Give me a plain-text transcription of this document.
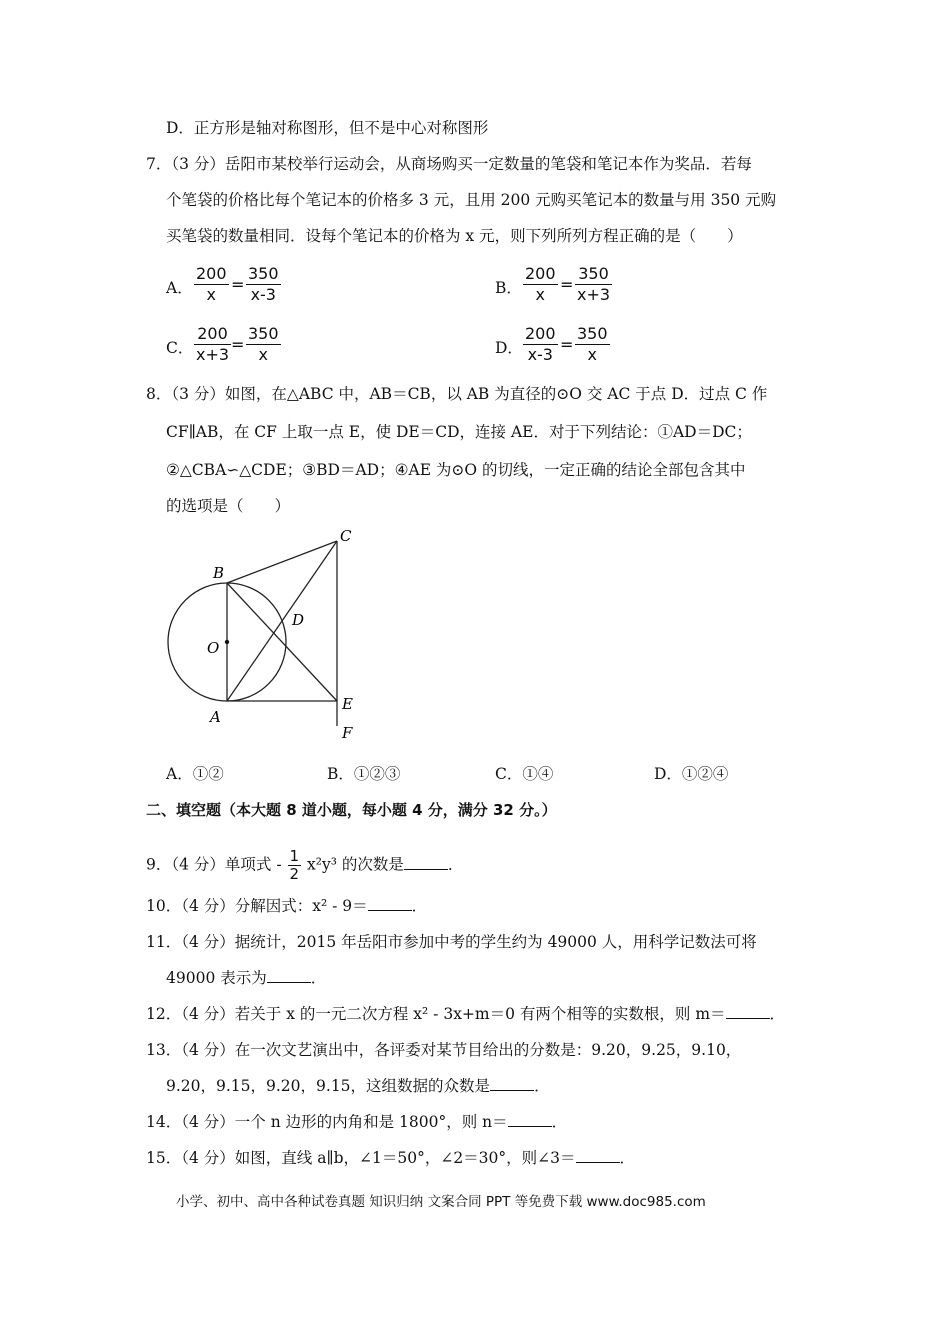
D．正方形是轴对称图形，但不是中心对称图形
7．（3 分）岳阳市某校举行运动会，从商场购买一定数量的笔袋和笔记本作为奖品．若每
个笔袋的价格比每个笔记本的价格多 3 元，且用 200 元购买笔记本的数量与用 350 元购
买笔袋的数量相同．设每个笔记本的价格为 x 元，则下列所列方程正确的是（　　）
A． $\frac{200}{x} = \frac{350}{x-3}$	B． $\frac{200}{x} = \frac{350}{x+3}$
C． $\frac{200}{x+3} = \frac{350}{x}$	D． $\frac{200}{x-3} = \frac{350}{x}$
8．（3 分）如图，在△ABC 中，AB＝CB，以 AB 为直径的⊙O 交 AC 于点 D．过点 C 作
CF∥AB，在 CF 上取一点 E，使 DE＝CD，连接 AE．对于下列结论：①AD＝DC；
②△CBA∽△CDE；③BD＝AD；④AE 为⊙O 的切线，一定正确的结论全部包含其中
的选项是（　　）
C
B
D
O
A
E
F
A．①②	B．①②③	C．①④	D．①②④
二、填空题（本大题 8 道小题，每小题 4 分，满分 32 分。）
9．（4 分）单项式 - $\frac{1}{2} x^2y^3$ 的次数是	．
10．（4 分）分解因式：x² - 9＝	．
11．（4 分）据统计，2015 年岳阳市参加中考的学生约为 49000 人，用科学记数法可将
49000 表示为	．
12．（4 分）若关于 x 的一元二次方程 x² - 3x+m＝0 有两个相等的实数根，则 m＝	．
13．（4 分）在一次文艺演出中，各评委对某节目给出的分数是：9.20，9.25，9.10，
9.20，9.15，9.20，9.15，这组数据的众数是	．
14．（4 分）一个 n 边形的内角和是 1800°，则 n＝	．
15．（4 分）如图，直线 a∥b，∠1＝50°，∠2＝30°，则∠3＝	．
小学、初中、高中各种试卷真题 知识归纳 文案合同 PPT 等免费下载 www.doc985.com
